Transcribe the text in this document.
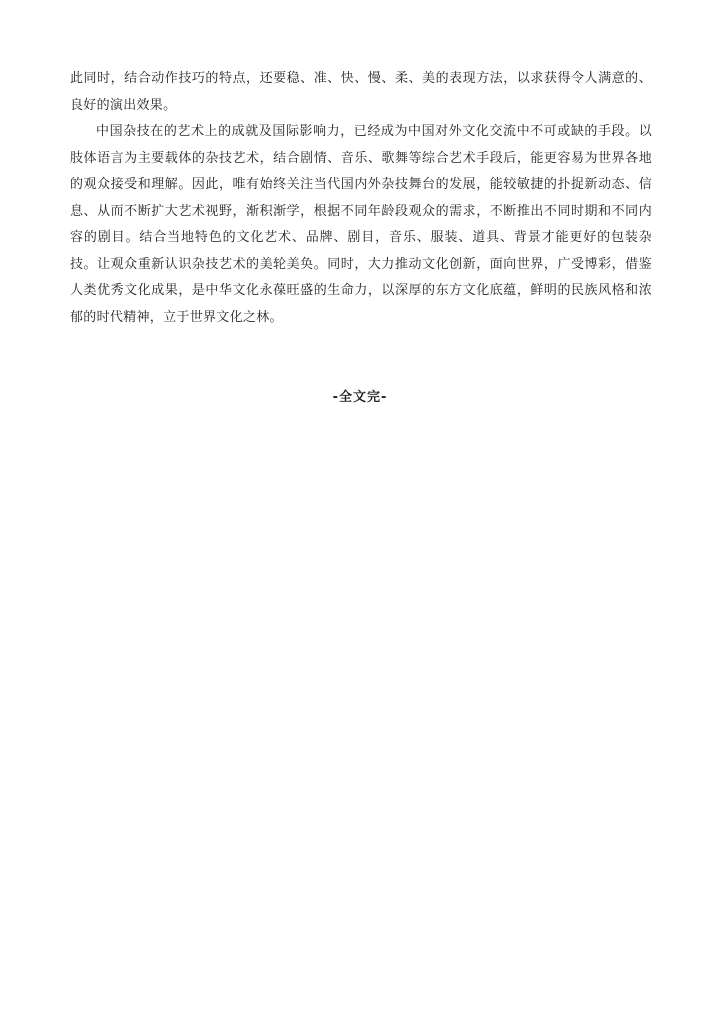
此同时，结合动作技巧的特点，还要稳、准、快、慢、柔、美的表现方法，以求获得令人满意的、良好的演出效果。

中国杂技在的艺术上的成就及国际影响力，已经成为中国对外文化交流中不可或缺的手段。以肢体语言为主要载体的杂技艺术，结合剧情、音乐、歌舞等综合艺术手段后，能更容易为世界各地的观众接受和理解。因此，唯有始终关注当代国内外杂技舞台的发展，能较敏捷的扑捉新动态、信息、从而不断扩大艺术视野，渐积渐学，根据不同年龄段观众的需求，不断推出不同时期和不同内容的剧目。结合当地特色的文化艺术、品牌、剧目，音乐、服装、道具、背景才能更好的包装杂技。让观众重新认识杂技艺术的美轮美奂。同时，大力推动文化创新，面向世界，广受博彩，借鉴人类优秀文化成果，是中华文化永葆旺盛的生命力，以深厚的东方文化底蕴，鲜明的民族风格和浓郁的时代精神，立于世界文化之林。

-全文完-
